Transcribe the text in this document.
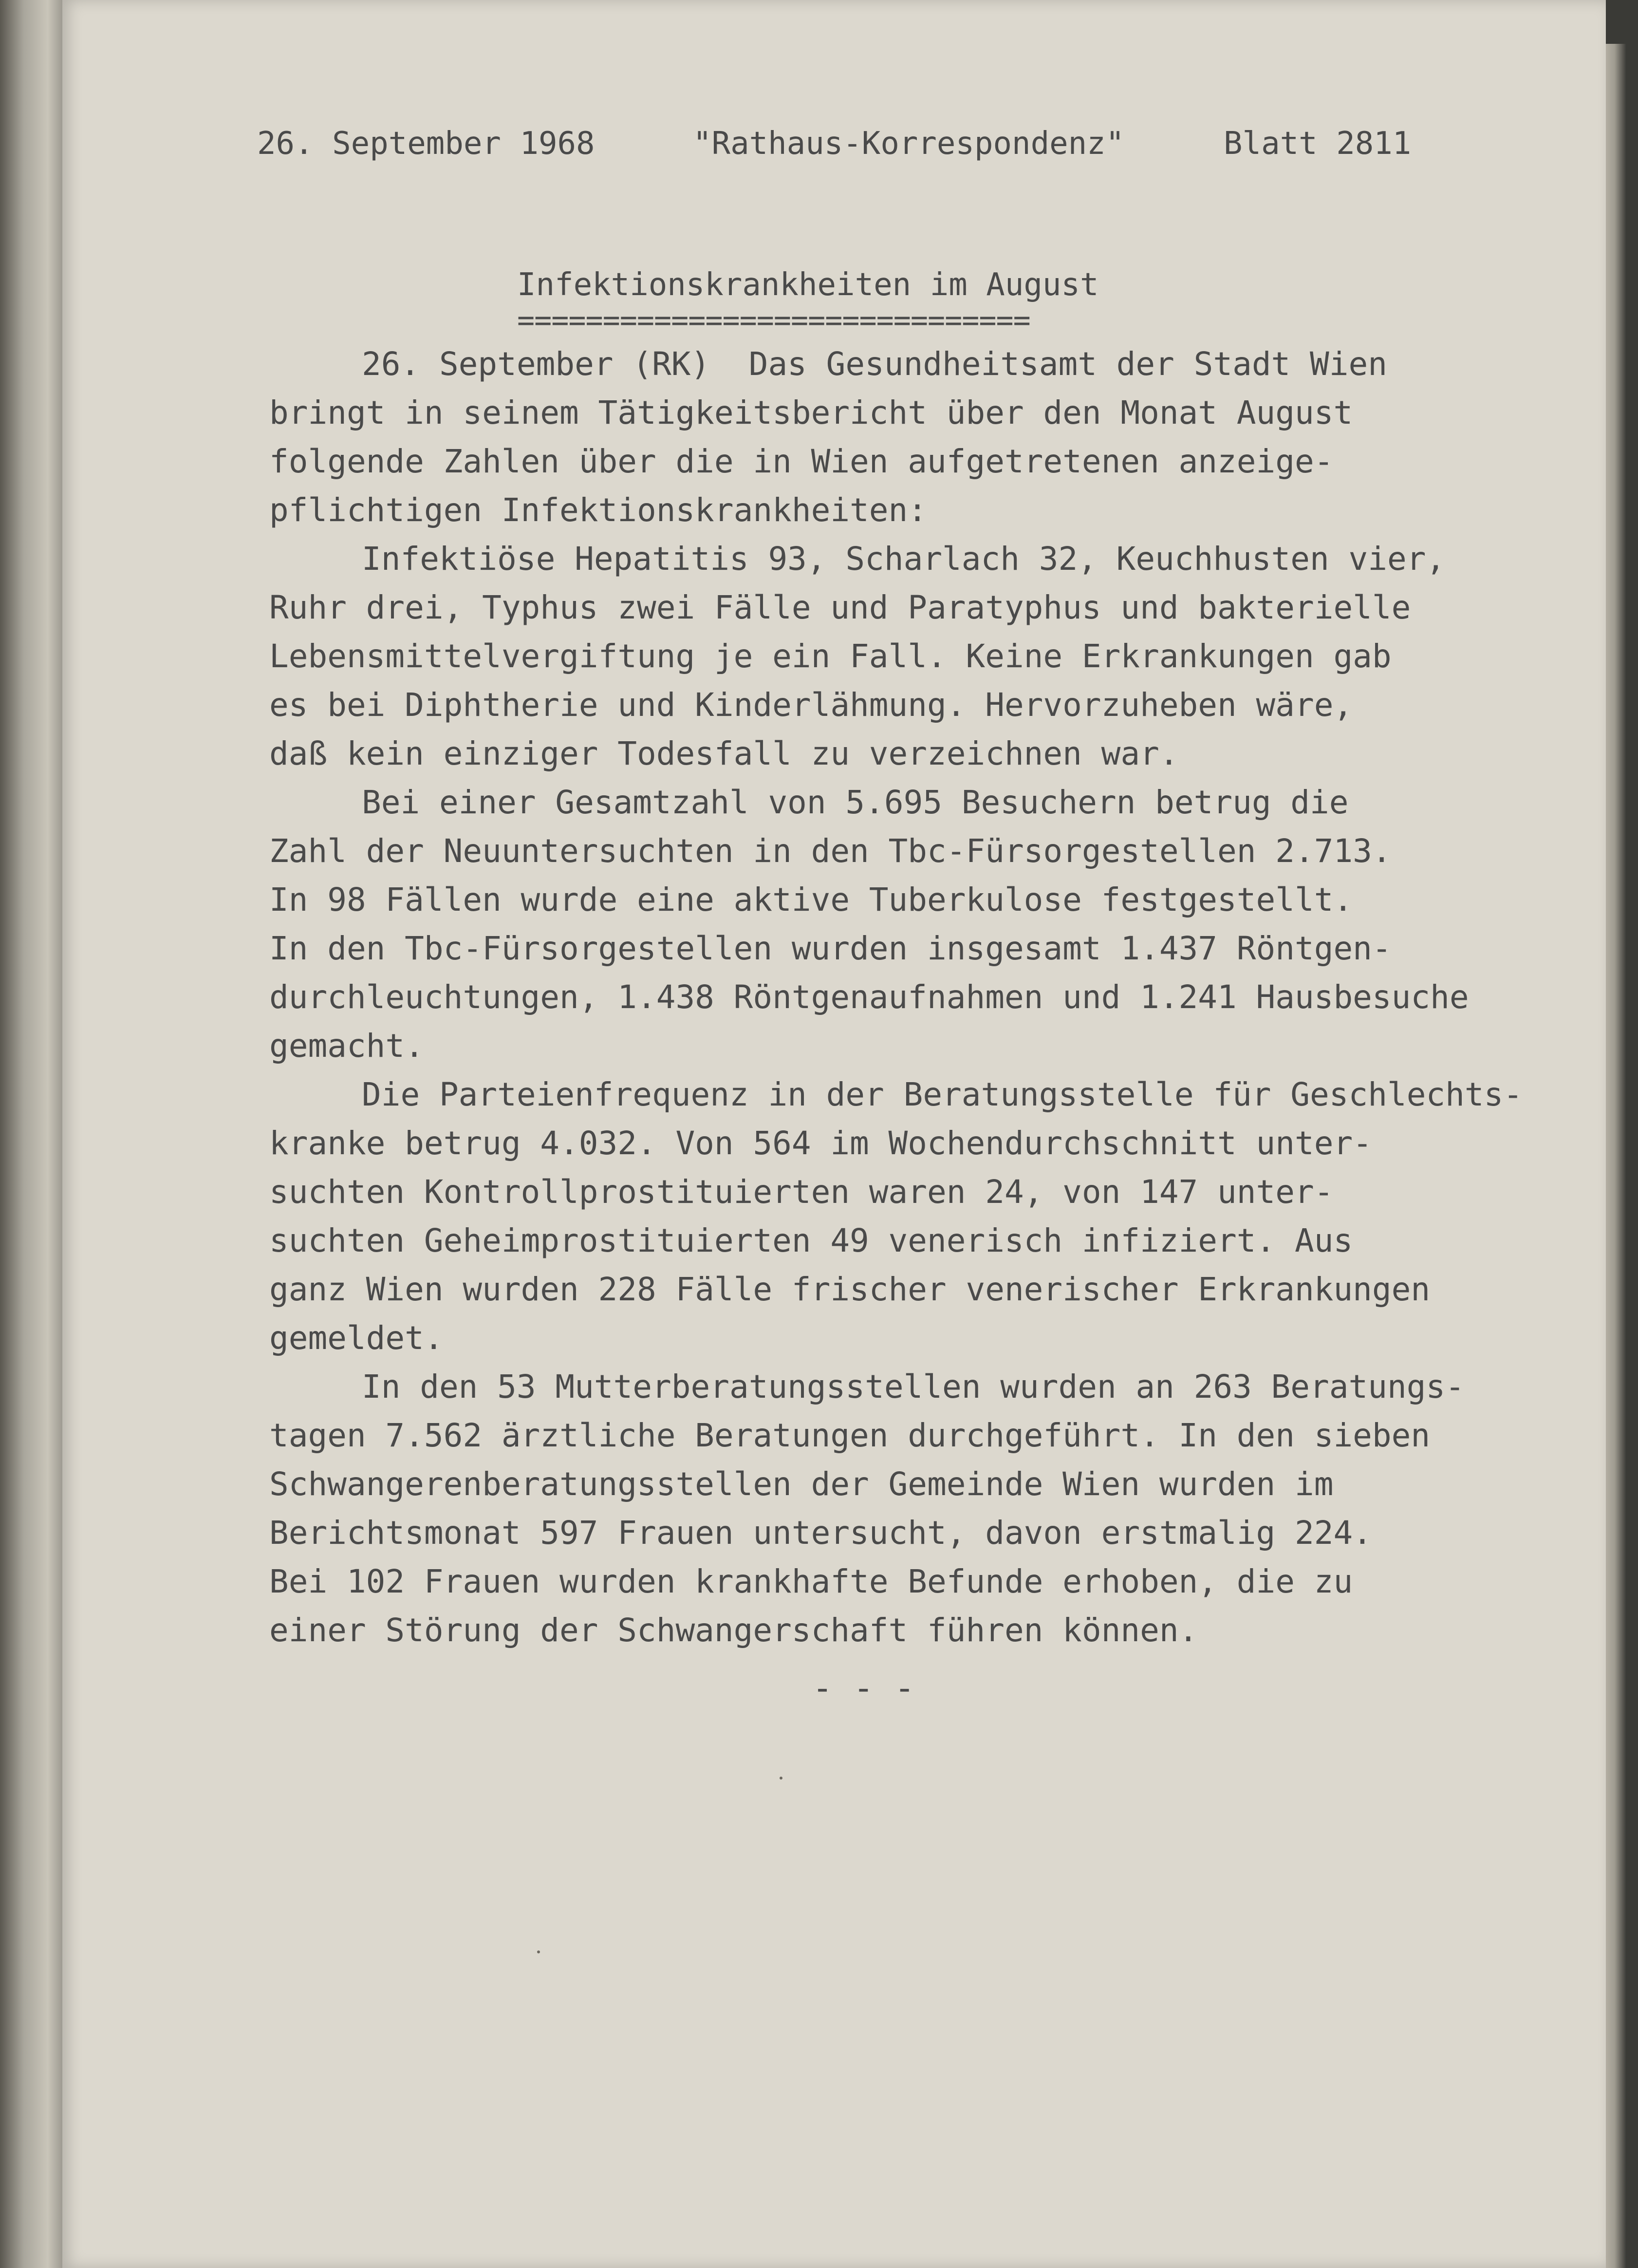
26. September 1968	"Rathaus-Korrespondenz"	Blatt 2811
Infektionskrankheiten im August
==============================
26. September (RK)  Das Gesundheitsamt der Stadt Wien
bringt in seinem Tätigkeitsbericht über den Monat August
folgende Zahlen über die in Wien aufgetretenen anzeige-
pflichtigen Infektionskrankheiten:
Infektiöse Hepatitis 93, Scharlach 32, Keuchhusten vier,
Ruhr drei, Typhus zwei Fälle und Paratyphus und bakterielle
Lebensmittelvergiftung je ein Fall. Keine Erkrankungen gab
es bei Diphtherie und Kinderlähmung. Hervorzuheben wäre,
daß kein einziger Todesfall zu verzeichnen war.
Bei einer Gesamtzahl von 5.695 Besuchern betrug die
Zahl der Neuuntersuchten in den Tbc-Fürsorgestellen 2.713.
In 98 Fällen wurde eine aktive Tuberkulose festgestellt.
In den Tbc-Fürsorgestellen wurden insgesamt 1.437 Röntgen-
durchleuchtungen, 1.438 Röntgenaufnahmen und 1.241 Hausbesuche
gemacht.
Die Parteienfrequenz in der Beratungsstelle für Geschlechts-
kranke betrug 4.032. Von 564 im Wochendurchschnitt unter-
suchten Kontrollprostituierten waren 24, von 147 unter-
suchten Geheimprostituierten 49 venerisch infiziert. Aus
ganz Wien wurden 228 Fälle frischer venerischer Erkrankungen
gemeldet.
In den 53 Mutterberatungsstellen wurden an 263 Beratungs-
tagen 7.562 ärztliche Beratungen durchgeführt. In den sieben
Schwangerenberatungsstellen der Gemeinde Wien wurden im
Berichtsmonat 597 Frauen untersucht, davon erstmalig 224.
Bei 102 Frauen wurden krankhafte Befunde erhoben, die zu
einer Störung der Schwangerschaft führen können.
- - -
